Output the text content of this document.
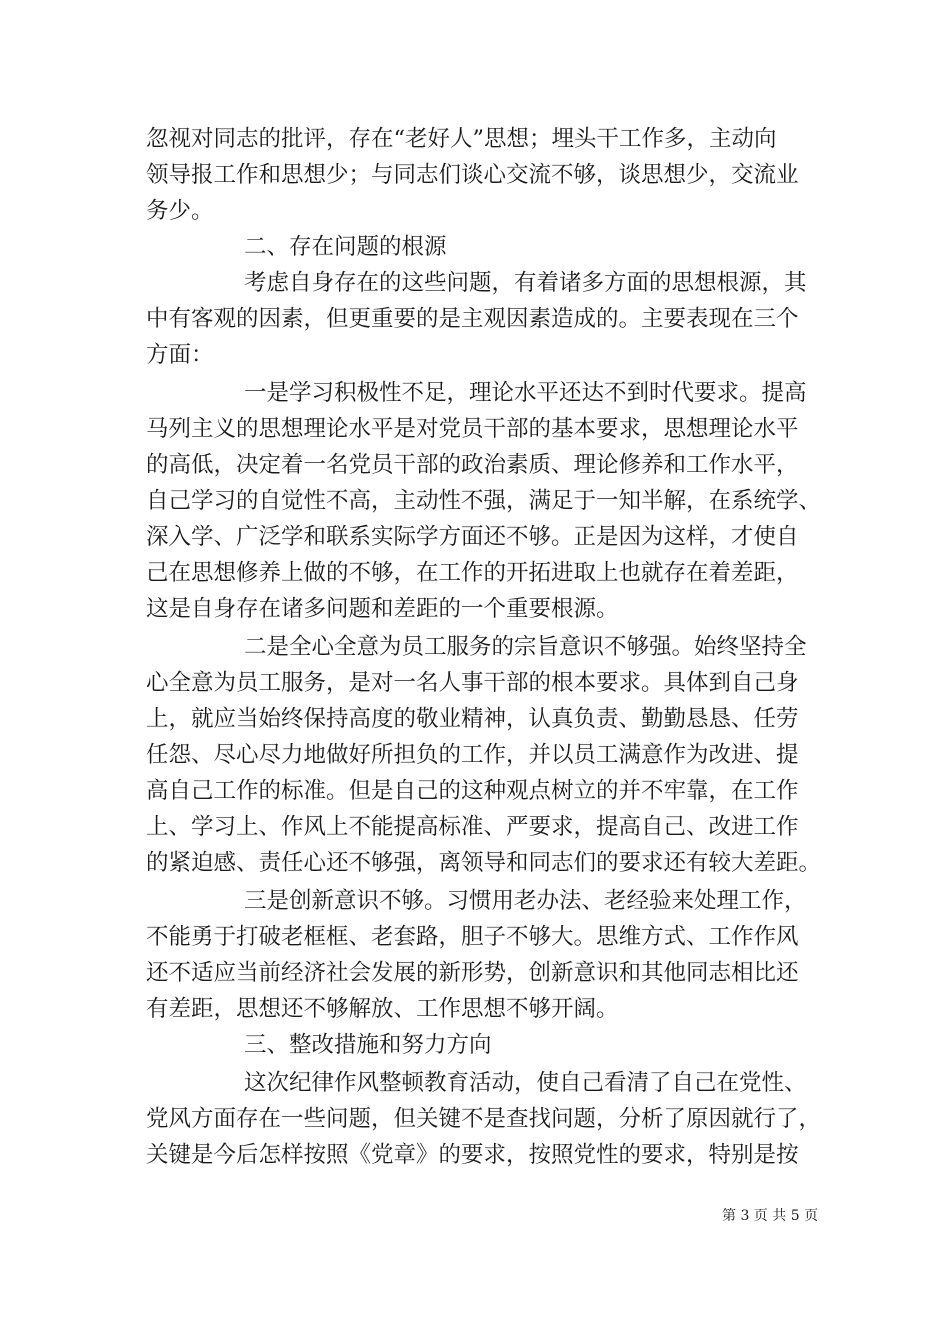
忽视对同志的批评，存在“老好人”思想；埋头干工作多，主动向
领导报工作和思想少；与同志们谈心交流不够，谈思想少，交流业
务少。
二、存在问题的根源
考虑自身存在的这些问题，有着诸多方面的思想根源，其
中有客观的因素，但更重要的是主观因素造成的。主要表现在三个
方面：
一是学习积极性不足，理论水平还达不到时代要求。提高
马列主义的思想理论水平是对党员干部的基本要求，思想理论水平
的高低，决定着一名党员干部的政治素质、理论修养和工作水平，
自己学习的自觉性不高，主动性不强，满足于一知半解，在系统学、
深入学、广泛学和联系实际学方面还不够。正是因为这样，才使自
己在思想修养上做的不够，在工作的开拓进取上也就存在着差距，
这是自身存在诸多问题和差距的一个重要根源。
二是全心全意为员工服务的宗旨意识不够强。始终坚持全
心全意为员工服务，是对一名人事干部的根本要求。具体到自己身
上，就应当始终保持高度的敬业精神，认真负责、勤勤恳恳、任劳
任怨、尽心尽力地做好所担负的工作，并以员工满意作为改进、提
高自己工作的标准。但是自己的这种观点树立的并不牢靠，在工作
上、学习上、作风上不能提高标准、严要求，提高自己、改进工作
的紧迫感、责任心还不够强，离领导和同志们的要求还有较大差距。
三是创新意识不够。习惯用老办法、老经验来处理工作，
不能勇于打破老框框、老套路，胆子不够大。思维方式、工作作风
还不适应当前经济社会发展的新形势，创新意识和其他同志相比还
有差距，思想还不够解放、工作思想不够开阔。
三、整改措施和努力方向
这次纪律作风整顿教育活动，使自己看清了自己在党性、
党风方面存在一些问题，但关键不是查找问题，分析了原因就行了，
关键是今后怎样按照《党章》的要求，按照党性的要求，特别是按
第 3 页 共 5 页
